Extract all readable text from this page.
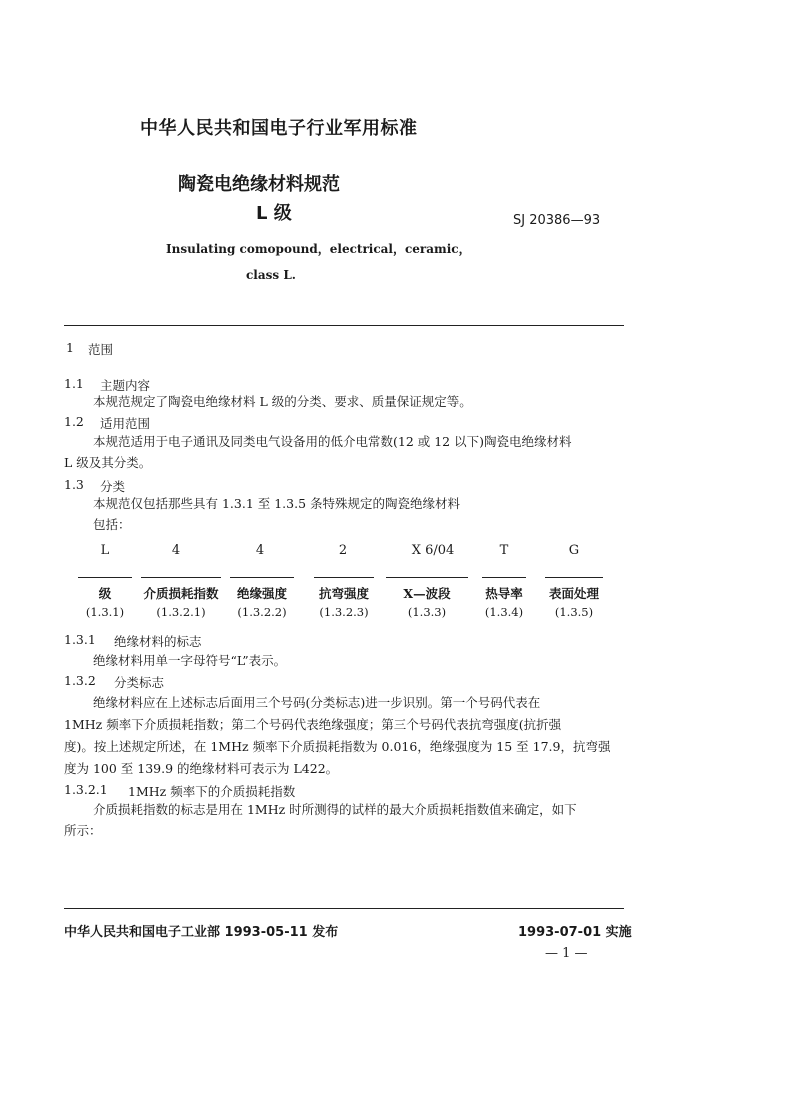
中华人民共和国电子行业军用标准
陶瓷电绝缘材料规范
L 级	SJ 20386—93
Insulating comopound，electrical，ceramic，
class L.
1 范围
1.1 主题内容
本规范规定了陶瓷电绝缘材料 L 级的分类、要求、质量保证规定等。
1.2 适用范围
本规范适用于电子通讯及同类电气设备用的低介电常数(12 或 12 以下)陶瓷电绝缘材料
L 级及其分类。
1.3 分类
本规范仅包括那些具有 1.3.1 至 1.3.5 条特殊规定的陶瓷绝缘材料
包括：
L	4	4	2	X 6/04	T	G
级	介质损耗指数	绝缘强度	抗弯强度	X—波段	热导率	表面处理
(1.3.1)	(1.3.2.1)	(1.3.2.2)	(1.3.2.3)	(1.3.3)	(1.3.4)	(1.3.5)
1.3.1 绝缘材料的标志
绝缘材料用单一字母符号“L”表示。
1.3.2 分类标志
绝缘材料应在上述标志后面用三个号码(分类标志)进一步识别。第一个号码代表在
1MHz 频率下介质损耗指数；第二个号码代表绝缘强度；第三个号码代表抗弯强度(抗折强
度)。按上述规定所述，在 1MHz 频率下介质损耗指数为 0.016，绝缘强度为 15 至 17.9，抗弯强
度为 100 至 139.9 的绝缘材料可表示为 L422。
1.3.2.1 1MHz 频率下的介质损耗指数
介质损耗指数的标志是用在 1MHz 时所测得的试样的最大介质损耗指数值来确定，如下
所示：
中华人民共和国电子工业部 1993-05-11 发布	1993-07-01 实施
— 1 —
